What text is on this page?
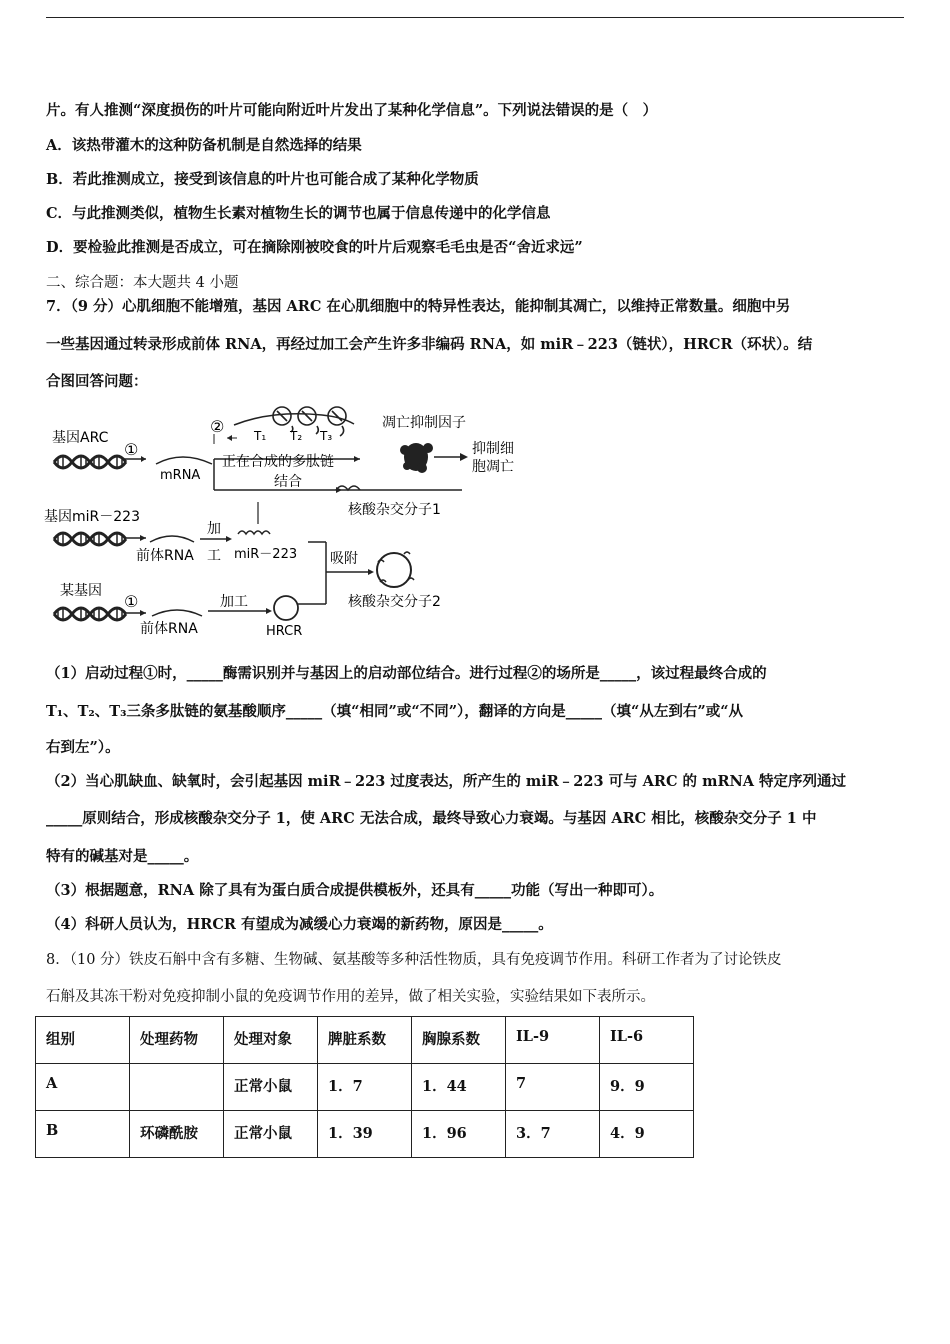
片。有人推测“深度损伤的叶片可能向附近叶片发出了某种化学信息”。下列说法错误的是（　）
A．该热带灌木的这种防备机制是自然选择的结果
B．若此推测成立，接受到该信息的叶片也可能合成了某种化学物质
C．与此推测类似，植物生长素对植物生长的调节也属于信息传递中的化学信息
D．要检验此推测是否成立，可在摘除刚被咬食的叶片后观察毛毛虫是否“舍近求远”
二、综合题：本大题共 4 小题
7．（9 分）心肌细胞不能增殖，基因 ARC 在心肌细胞中的特异性表达，能抑制其凋亡，以维持正常数量。细胞中另
一些基因通过转录形成前体 RNA，再经过加工会产生许多非编码 RNA，如 miR﹣223（链状），HRCR（环状）。结
合图回答问题：
基因ARC
①
mRNA
② T₁ T₂ T₃
正在合成的多肽链
凋亡抑制因子
抑制细
胞凋亡
结合
核酸杂交分子1
基因miR－223
前体RNA
加
工 miR－223 吸附
核酸杂交分子2
某基因
①
前体RNA
加工
HRCR
（1）启动过程①时，_____酶需识别并与基因上的启动部位结合。进行过程②的场所是_____，该过程最终合成的
T₁、T₂、T₃三条多肽链的氨基酸顺序_____（填“相同”或“不同”），翻译的方向是_____（填“从左到右”或“从
右到左”）。
（2）当心肌缺血、缺氧时，会引起基因 miR﹣223 过度表达，所产生的 miR﹣223 可与 ARC 的 mRNA 特定序列通过
_____原则结合，形成核酸杂交分子 1，使 ARC 无法合成，最终导致心力衰竭。与基因 ARC 相比，核酸杂交分子 1 中
特有的碱基对是_____。
（3）根据题意，RNA 除了具有为蛋白质合成提供模板外，还具有_____功能（写出一种即可）。
（4）科研人员认为，HRCR 有望成为减缓心力衰竭的新药物，原因是_____。
8．（10 分）铁皮石斛中含有多糖、生物碱、氨基酸等多种活性物质，具有免疫调节作用。科研工作者为了讨论铁皮
石斛及其冻干粉对免疫抑制小鼠的免疫调节作用的差异，做了相关实验，实验结果如下表所示。
组别	处理药物	处理对象	脾脏系数	胸腺系数	IL-9	IL-6
A		正常小鼠	1．7	1．44	7	9．9
B	环磷酰胺	正常小鼠	1．39	1．96	3．7	4．9
